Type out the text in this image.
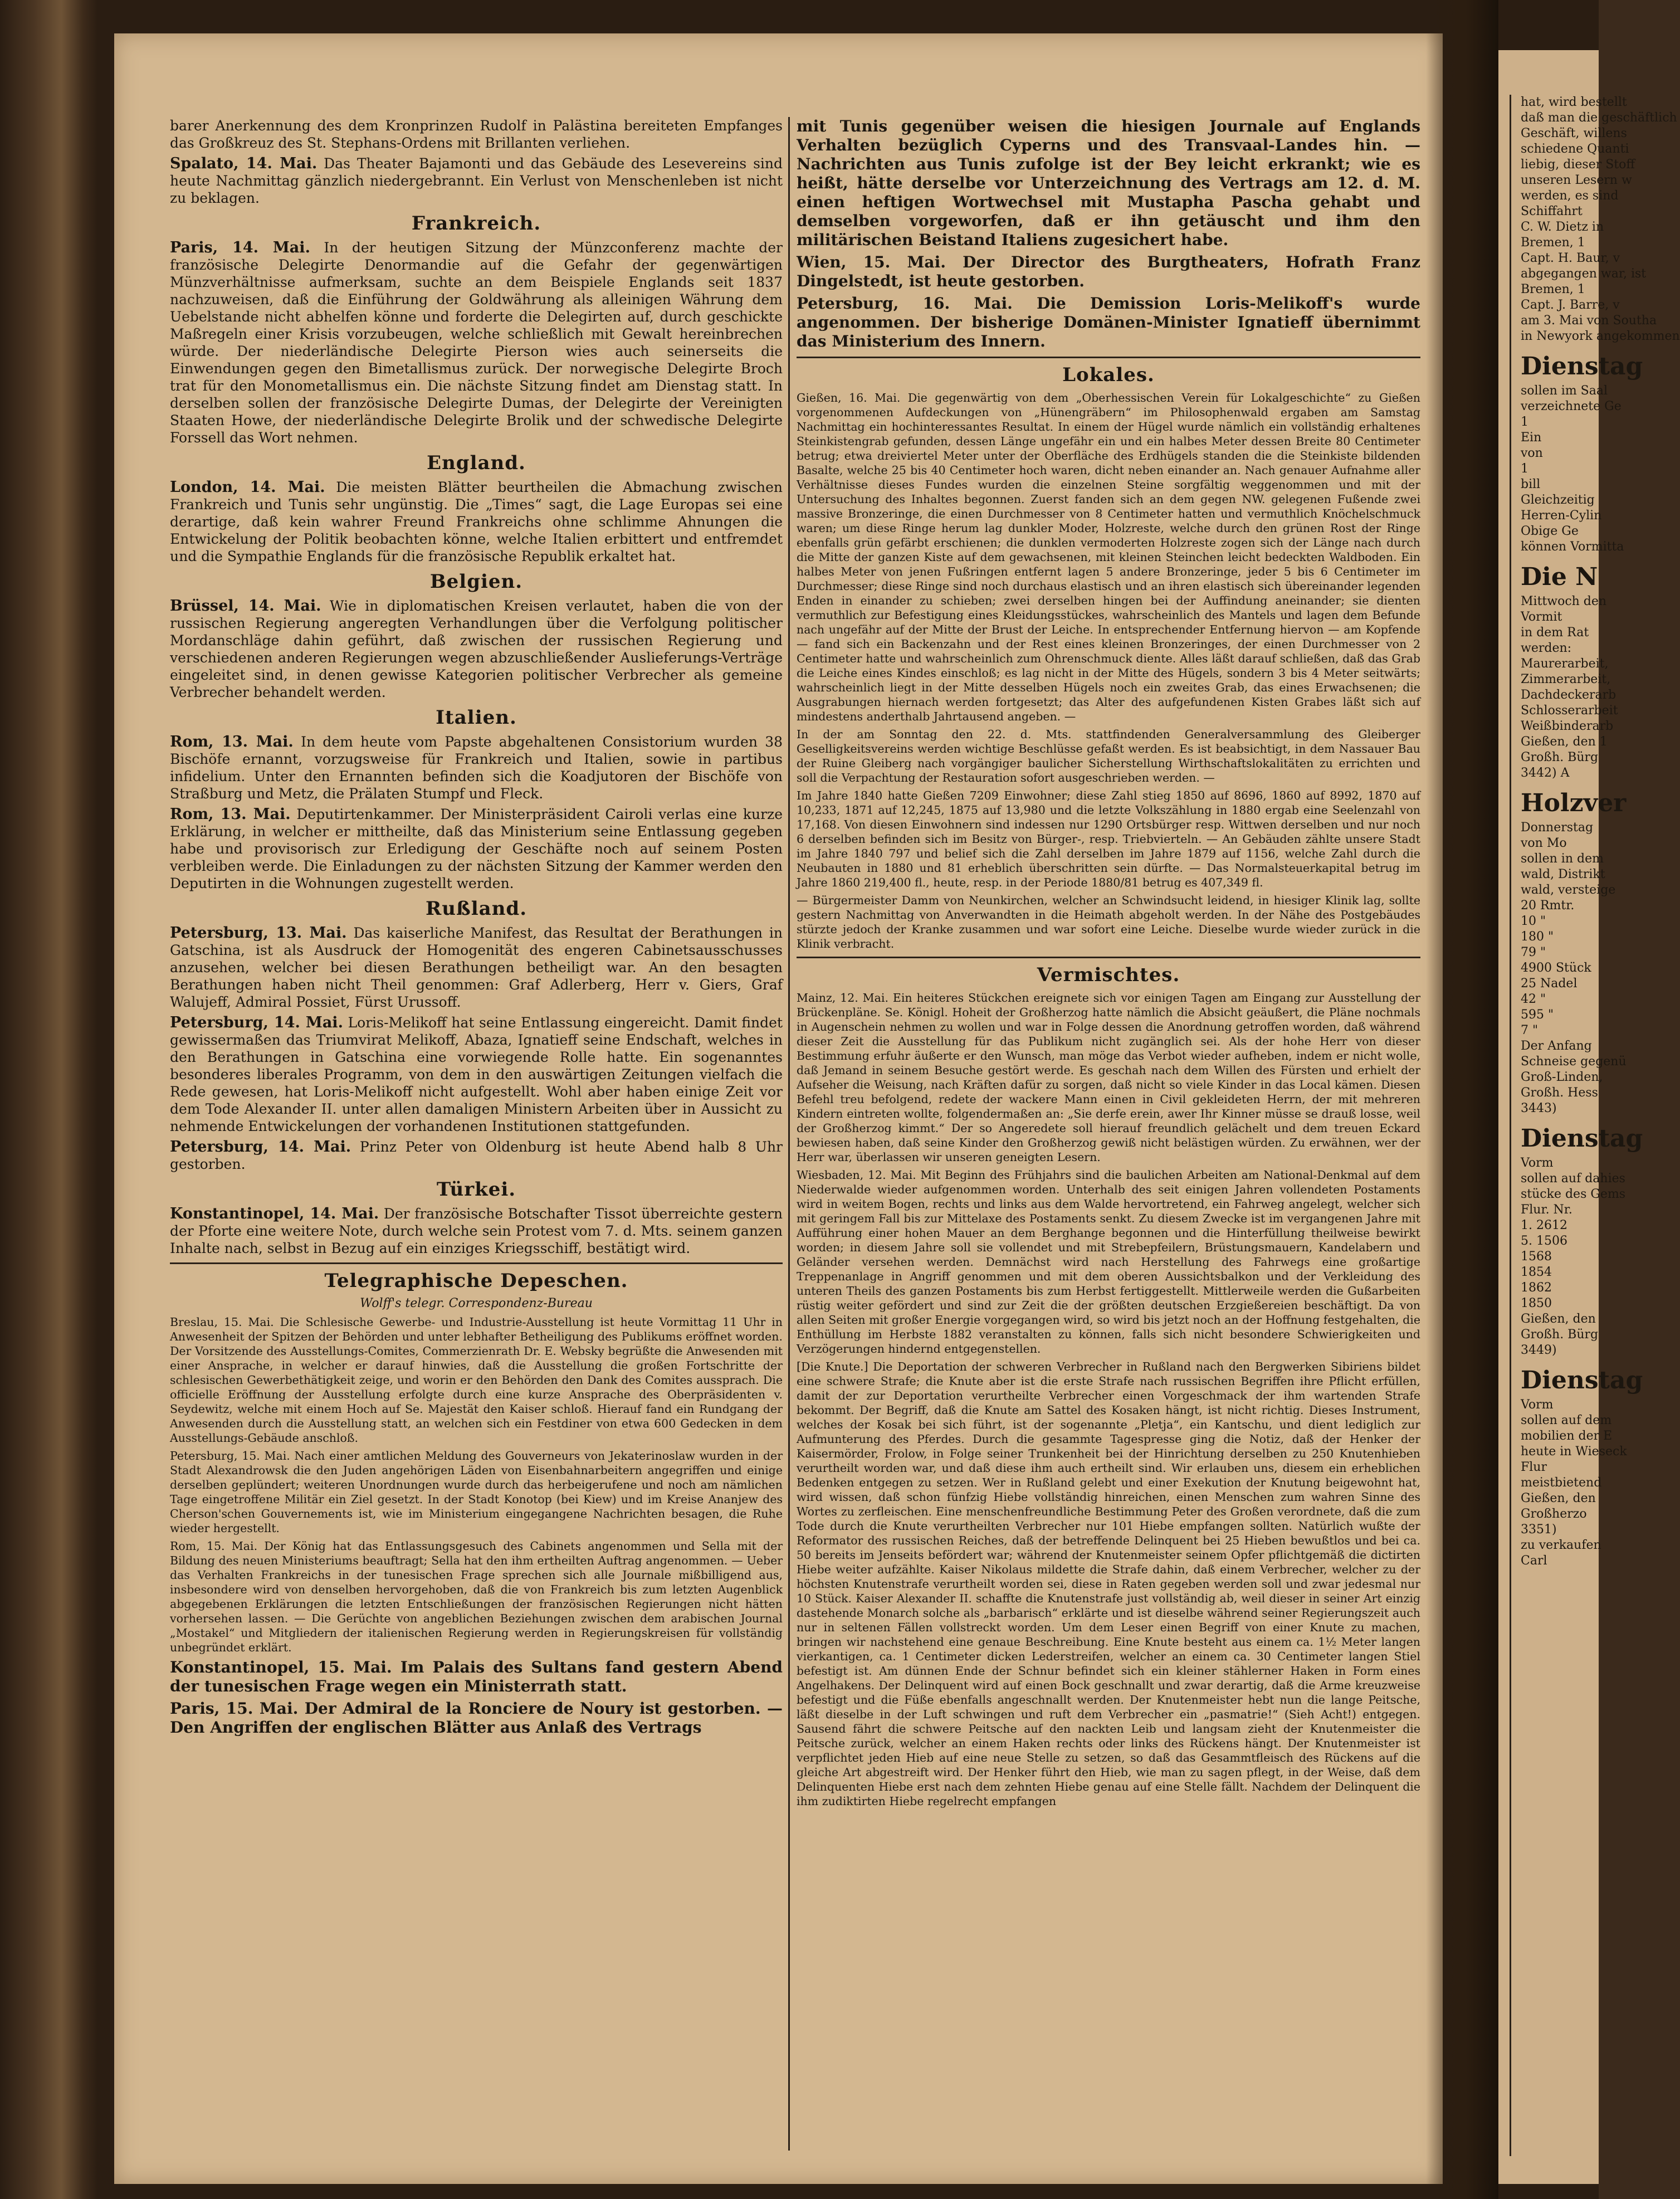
barer Anerkennung des dem Kronprinzen Rudolf in Palästina bereiteten Empfanges das Großkreuz des St. Stephans-Ordens mit Brillanten verliehen.

Spalato, 14. Mai. Das Theater Bajamonti und das Gebäude des Lesevereins sind heute Nachmittag gänzlich niedergebrannt. Ein Verlust von Menschenleben ist nicht zu beklagen.

Frankreich.

Paris, 14. Mai. In der heutigen Sitzung der Münzconferenz machte der französische Delegirte Denormandie auf die Gefahr der gegenwärtigen Münzverhältnisse aufmerksam, suchte an dem Beispiele Englands seit 1837 nachzuweisen, daß die Einführung der Goldwährung als alleinigen Währung dem Uebelstande nicht abhelfen könne und forderte die Delegirten auf, durch geschickte Maßregeln einer Krisis vorzubeugen, welche schließlich mit Gewalt hereinbrechen würde. Der niederländische Delegirte Pierson wies auch seinerseits die Einwendungen gegen den Bimetallismus zurück. Der norwegische Delegirte Broch trat für den Monometallismus ein. Die nächste Sitzung findet am Dienstag statt. In derselben sollen der französische Delegirte Dumas, der Delegirte der Vereinigten Staaten Howe, der niederländische Delegirte Brolik und der schwedische Delegirte Forssell das Wort nehmen.

England.

London, 14. Mai. Die meisten Blätter beurtheilen die Abmachung zwischen Frankreich und Tunis sehr ungünstig. Die „Times“ sagt, die Lage Europas sei eine derartige, daß kein wahrer Freund Frankreichs ohne schlimme Ahnungen die Entwickelung der Politik beobachten könne, welche Italien erbittert und entfremdet und die Sympathie Englands für die französische Republik erkaltet hat.

Belgien.

Brüssel, 14. Mai. Wie in diplomatischen Kreisen verlautet, haben die von der russischen Regierung angeregten Verhandlungen über die Verfolgung politischer Mordanschläge dahin geführt, daß zwischen der russischen Regierung und verschiedenen anderen Regierungen wegen abzuschließender Auslieferungs-Verträge eingeleitet sind, in denen gewisse Kategorien politischer Verbrecher als gemeine Verbrecher behandelt werden.

Italien.

Rom, 13. Mai. In dem heute vom Papste abgehaltenen Consistorium wurden 38 Bischöfe ernannt, vorzugsweise für Frankreich und Italien, sowie in partibus infidelium. Unter den Ernannten befinden sich die Koadjutoren der Bischöfe von Straßburg und Metz, die Prälaten Stumpf und Fleck.

Rom, 13. Mai. Deputirtenkammer. Der Ministerpräsident Cairoli verlas eine kurze Erklärung, in welcher er mittheilte, daß das Ministerium seine Entlassung gegeben habe und provisorisch zur Erledigung der Geschäfte noch auf seinem Posten verbleiben werde. Die Einladungen zu der nächsten Sitzung der Kammer werden den Deputirten in die Wohnungen zugestellt werden.

Rußland.

Petersburg, 13. Mai. Das kaiserliche Manifest, das Resultat der Berathungen in Gatschina, ist als Ausdruck der Homogenität des engeren Cabinetsausschusses anzusehen, welcher bei diesen Berathungen betheiligt war. An den besagten Berathungen haben nicht Theil genommen: Graf Adlerberg, Herr v. Giers, Graf Walujeff, Admiral Possiet, Fürst Urussoff.

Petersburg, 14. Mai. Loris-Melikoff hat seine Entlassung eingereicht. Damit findet gewissermaßen das Triumvirat Melikoff, Abaza, Ignatieff seine Endschaft, welches in den Berathungen in Gatschina eine vorwiegende Rolle hatte. Ein sogenanntes besonderes liberales Programm, von dem in den auswärtigen Zeitungen vielfach die Rede gewesen, hat Loris-Melikoff nicht aufgestellt. Wohl aber haben einige Zeit vor dem Tode Alexander II. unter allen damaligen Ministern Arbeiten über in Aussicht zu nehmende Entwickelungen der vorhandenen Institutionen stattgefunden.

Petersburg, 14. Mai. Prinz Peter von Oldenburg ist heute Abend halb 8 Uhr gestorben.

Türkei.

Konstantinopel, 14. Mai. Der französische Botschafter Tissot überreichte gestern der Pforte eine weitere Note, durch welche sein Protest vom 7. d. Mts. seinem ganzen Inhalte nach, selbst in Bezug auf ein einziges Kriegsschiff, bestätigt wird.

Telegraphische Depeschen.
Wolff's telegr. Correspondenz-Bureau

Breslau, 15. Mai. Die Schlesische Gewerbe- und Industrie-Ausstellung ist heute Vormittag 11 Uhr in Anwesenheit der Spitzen der Behörden und unter lebhafter Betheiligung des Publikums eröffnet worden. Der Vorsitzende des Ausstellungs-Comites, Commerzienrath Dr. E. Websky begrüßte die Anwesenden mit einer Ansprache, in welcher er darauf hinwies, daß die Ausstellung die großen Fortschritte der schlesischen Gewerbethätigkeit zeige, und worin er den Behörden den Dank des Comites aussprach. Die officielle Eröffnung der Ausstellung erfolgte durch eine kurze Ansprache des Oberpräsidenten v. Seydewitz, welche mit einem Hoch auf Se. Majestät den Kaiser schloß. Hierauf fand ein Rundgang der Anwesenden durch die Ausstellung statt, an welchen sich ein Festdiner von etwa 600 Gedecken in dem Ausstellungs-Gebäude anschloß.

Petersburg, 15. Mai. Nach einer amtlichen Meldung des Gouverneurs von Jekaterinoslaw wurden in der Stadt Alexandrowsk die den Juden angehörigen Läden von Eisenbahnarbeitern angegriffen und einige derselben geplündert; weiteren Unordnungen wurde durch das herbeigerufene und noch am nämlichen Tage eingetroffene Militär ein Ziel gesetzt. In der Stadt Konotop (bei Kiew) und im Kreise Ananjew des Cherson'schen Gouvernements ist, wie im Ministerium eingegangene Nachrichten besagen, die Ruhe wieder hergestellt.

Rom, 15. Mai. Der König hat das Entlassungsgesuch des Cabinets angenommen und Sella mit der Bildung des neuen Ministeriums beauftragt; Sella hat den ihm ertheilten Auftrag angenommen. — Ueber das Verhalten Frankreichs in der tunesischen Frage sprechen sich alle Journale mißbilligend aus, insbesondere wird von denselben hervorgehoben, daß die von Frankreich bis zum letzten Augenblick abgegebenen Erklärungen die letzten Entschließungen der französischen Regierungen nicht hätten vorhersehen lassen. — Die Gerüchte von angeblichen Beziehungen zwischen dem arabischen Journal „Mostakel“ und Mitgliedern der italienischen Regierung werden in Regierungskreisen für vollständig unbegründet erklärt.

Konstantinopel, 15. Mai. Im Palais des Sultans fand gestern Abend der tunesischen Frage wegen ein Ministerrath statt.

Paris, 15. Mai. Der Admiral de la Ronciere de Noury ist gestorben. — Den Angriffen der englischen Blätter aus Anlaß des Vertrags

mit Tunis gegenüber weisen die hiesigen Journale auf Englands Verhalten bezüglich Cyperns und des Transvaal-Landes hin. — Nachrichten aus Tunis zufolge ist der Bey leicht erkrankt; wie es heißt, hätte derselbe vor Unterzeichnung des Vertrags am 12. d. M. einen heftigen Wortwechsel mit Mustapha Pascha gehabt und demselben vorgeworfen, daß er ihn getäuscht und ihm den militärischen Beistand Italiens zugesichert habe.

Wien, 15. Mai. Der Director des Burgtheaters, Hofrath Franz Dingelstedt, ist heute gestorben.

Petersburg, 16. Mai. Die Demission Loris-Melikoff's wurde angenommen. Der bisherige Domänen-Minister Ignatieff übernimmt das Ministerium des Innern.

Lokales.

Gießen, 16. Mai. Die gegenwärtig von dem „Oberhessischen Verein für Lokalgeschichte“ zu Gießen vorgenommenen Aufdeckungen von „Hünengräbern“ im Philosophenwald ergaben am Samstag Nachmittag ein hochinteressantes Resultat. In einem der Hügel wurde nämlich ein vollständig erhaltenes Steinkistengrab gefunden, dessen Länge ungefähr ein und ein halbes Meter dessen Breite 80 Centimeter betrug; etwa dreiviertel Meter unter der Oberfläche des Erdhügels standen die die Steinkiste bildenden Basalte, welche 25 bis 40 Centimeter hoch waren, dicht neben einander an. Nach genauer Aufnahme aller Verhältnisse dieses Fundes wurden die einzelnen Steine sorgfältig weggenommen und mit der Untersuchung des Inhaltes begonnen. Zuerst fanden sich an dem gegen NW. gelegenen Fußende zwei massive Bronzeringe, die einen Durchmesser von 8 Centimeter hatten und vermuthlich Knöchelschmuck waren; um diese Ringe herum lag dunkler Moder, Holzreste, welche durch den grünen Rost der Ringe ebenfalls grün gefärbt erschienen; die dunklen vermoderten Holzreste zogen sich der Länge nach durch die Mitte der ganzen Kiste auf dem gewachsenen, mit kleinen Steinchen leicht bedeckten Waldboden. Ein halbes Meter von jenen Fußringen entfernt lagen 5 andere Bronzeringe, jeder 5 bis 6 Centimeter im Durchmesser; diese Ringe sind noch durchaus elastisch und an ihren elastisch sich übereinander legenden Enden in einander zu schieben; zwei derselben hingen bei der Auffindung aneinander; sie dienten vermuthlich zur Befestigung eines Kleidungsstückes, wahrscheinlich des Mantels und lagen dem Befunde nach ungefähr auf der Mitte der Brust der Leiche. In entsprechender Entfernung hiervon — am Kopfende — fand sich ein Backenzahn und der Rest eines kleinen Bronzeringes, der einen Durchmesser von 2 Centimeter hatte und wahrscheinlich zum Ohrenschmuck diente. Alles läßt darauf schließen, daß das Grab die Leiche eines Kindes einschloß; es lag nicht in der Mitte des Hügels, sondern 3 bis 4 Meter seitwärts; wahrscheinlich liegt in der Mitte desselben Hügels noch ein zweites Grab, das eines Erwachsenen; die Ausgrabungen hiernach werden fortgesetzt; das Alter des aufgefundenen Kisten Grabes läßt sich auf mindestens anderthalb Jahrtausend angeben. —

In der am Sonntag den 22. d. Mts. stattfindenden Generalversammlung des Gleiberger Geselligkeitsvereins werden wichtige Beschlüsse gefaßt werden. Es ist beabsichtigt, in dem Nassauer Bau der Ruine Gleiberg nach vorgängiger baulicher Sicherstellung Wirthschaftslokalitäten zu errichten und soll die Verpachtung der Restauration sofort ausgeschrieben werden. —

Im Jahre 1840 hatte Gießen 7209 Einwohner; diese Zahl stieg 1850 auf 8696, 1860 auf 8992, 1870 auf 10,233, 1871 auf 12,245, 1875 auf 13,980 und die letzte Volkszählung in 1880 ergab eine Seelenzahl von 17,168. Von diesen Einwohnern sind indessen nur 1290 Ortsbürger resp. Wittwen derselben und nur noch 6 derselben befinden sich im Besitz von Bürger-, resp. Triebvierteln. — An Gebäuden zählte unsere Stadt im Jahre 1840 797 und belief sich die Zahl derselben im Jahre 1879 auf 1156, welche Zahl durch die Neubauten in 1880 und 81 erheblich überschritten sein dürfte. — Das Normalsteuerkapital betrug im Jahre 1860 219,400 fl., heute, resp. in der Periode 1880/81 betrug es 407,349 fl.

— Bürgermeister Damm von Neunkirchen, welcher an Schwindsucht leidend, in hiesiger Klinik lag, sollte gestern Nachmittag von Anverwandten in die Heimath abgeholt werden. In der Nähe des Postgebäudes stürzte jedoch der Kranke zusammen und war sofort eine Leiche. Dieselbe wurde wieder zurück in die Klinik verbracht.

Vermischtes.

Mainz, 12. Mai. Ein heiteres Stückchen ereignete sich vor einigen Tagen am Eingang zur Ausstellung der Brückenpläne. Se. Königl. Hoheit der Großherzog hatte nämlich die Absicht geäußert, die Pläne nochmals in Augenschein nehmen zu wollen und war in Folge dessen die Anordnung getroffen worden, daß während dieser Zeit die Ausstellung für das Publikum nicht zugänglich sei. Als der hohe Herr von dieser Bestimmung erfuhr äußerte er den Wunsch, man möge das Verbot wieder aufheben, indem er nicht wolle, daß Jemand in seinem Besuche gestört werde. Es geschah nach dem Willen des Fürsten und erhielt der Aufseher die Weisung, nach Kräften dafür zu sorgen, daß nicht so viele Kinder in das Local kämen. Diesen Befehl treu befolgend, redete der wackere Mann einen in Civil gekleideten Herrn, der mit mehreren Kindern eintreten wollte, folgendermaßen an: „Sie derfe erein, awer Ihr Kinner müsse se drauß losse, weil der Großherzog kimmt.“ Der so Angeredete soll hierauf freundlich gelächelt und dem treuen Eckard bewiesen haben, daß seine Kinder den Großherzog gewiß nicht belästigen würden. Zu erwähnen, wer der Herr war, überlassen wir unseren geneigten Lesern.

Wiesbaden, 12. Mai. Mit Beginn des Frühjahrs sind die baulichen Arbeiten am National-Denkmal auf dem Niederwalde wieder aufgenommen worden. Unterhalb des seit einigen Jahren vollendeten Postaments wird in weitem Bogen, rechts und links aus dem Walde hervortretend, ein Fahrweg angelegt, welcher sich mit geringem Fall bis zur Mittelaxe des Postaments senkt. Zu diesem Zwecke ist im vergangenen Jahre mit Aufführung einer hohen Mauer an dem Berghange begonnen und die Hinterfüllung theilweise bewirkt worden; in diesem Jahre soll sie vollendet und mit Strebepfeilern, Brüstungsmauern, Kandelabern und Geländer versehen werden. Demnächst wird nach Herstellung des Fahrwegs eine großartige Treppenanlage in Angriff genommen und mit dem oberen Aussichtsbalkon und der Verkleidung des unteren Theils des ganzen Postaments bis zum Herbst fertiggestellt. Mittlerweile werden die Gußarbeiten rüstig weiter gefördert und sind zur Zeit die der größten deutschen Erzgießereien beschäftigt. Da von allen Seiten mit großer Energie vorgegangen wird, so wird bis jetzt noch an der Hoffnung festgehalten, die Enthüllung im Herbste 1882 veranstalten zu können, falls sich nicht besondere Schwierigkeiten und Verzögerungen hindernd entgegenstellen.

[Die Knute.] Die Deportation der schweren Verbrecher in Rußland nach den Bergwerken Sibiriens bildet eine schwere Strafe; die Knute aber ist die erste Strafe nach russischen Begriffen ihre Pflicht erfüllen, damit der zur Deportation verurtheilte Verbrecher einen Vorgeschmack der ihm wartenden Strafe bekommt. Der Begriff, daß die Knute am Sattel des Kosaken hängt, ist nicht richtig. Dieses Instrument, welches der Kosak bei sich führt, ist der sogenannte „Pletja“, ein Kantschu, und dient lediglich zur Aufmunterung des Pferdes. Durch die gesammte Tagespresse ging die Notiz, daß der Henker der Kaisermörder, Frolow, in Folge seiner Trunkenheit bei der Hinrichtung derselben zu 250 Knutenhieben verurtheilt worden war, und daß diese ihm auch ertheilt sind. Wir erlauben uns, diesem ein erheblichen Bedenken entgegen zu setzen. Wer in Rußland gelebt und einer Exekution der Knutung beigewohnt hat, wird wissen, daß schon fünfzig Hiebe vollständig hinreichen, einen Menschen zum wahren Sinne des Wortes zu zerfleischen. Eine menschenfreundliche Bestimmung Peter des Großen verordnete, daß die zum Tode durch die Knute verurtheilten Verbrecher nur 101 Hiebe empfangen sollten. Natürlich wußte der Reformator des russischen Reiches, daß der betreffende Delinquent bei 25 Hieben bewußtlos und bei ca. 50 bereits im Jenseits befördert war; während der Knutenmeister seinem Opfer pflichtgemäß die dictirten Hiebe weiter aufzählte. Kaiser Nikolaus mildette die Strafe dahin, daß einem Verbrecher, welcher zu der höchsten Knutenstrafe verurtheilt worden sei, diese in Raten gegeben werden soll und zwar jedesmal nur 10 Stück. Kaiser Alexander II. schaffte die Knutenstrafe just vollständig ab, weil dieser in seiner Art einzig dastehende Monarch solche als „barbarisch“ erklärte und ist dieselbe während seiner Regierungszeit auch nur in seltenen Fällen vollstreckt worden. Um dem Leser einen Begriff von einer Knute zu machen, bringen wir nachstehend eine genaue Beschreibung. Eine Knute besteht aus einem ca. 1½ Meter langen vierkantigen, ca. 1 Centimeter dicken Lederstreifen, welcher an einem ca. 30 Centimeter langen Stiel befestigt ist. Am dünnen Ende der Schnur befindet sich ein kleiner stählerner Haken in Form eines Angelhakens. Der Delinquent wird auf einen Bock geschnallt und zwar derartig, daß die Arme kreuzweise befestigt und die Füße ebenfalls angeschnallt werden. Der Knutenmeister hebt nun die lange Peitsche, läßt dieselbe in der Luft schwingen und ruft dem Verbrecher ein „pasmatrie!“ (Sieh Acht!) entgegen. Sausend fährt die schwere Peitsche auf den nackten Leib und langsam zieht der Knutenmeister die Peitsche zurück, welcher an einem Haken rechts oder links des Rückens hängt. Der Knutenmeister ist verpflichtet jeden Hieb auf eine neue Stelle zu setzen, so daß das Gesammtfleisch des Rückens auf die gleiche Art abgestreift wird. Der Henker führt den Hieb, wie man zu sagen pflegt, in der Weise, daß dem Delinquenten Hiebe erst nach dem zehnten Hiebe genau auf eine Stelle fällt. Nachdem der Delinquent die ihm zudiktirten Hiebe regelrecht empfangen

hat, wird bestellt
daß man die geschäftlich
Geschäft, willens
schiedene Quanti
liebig, dieser Stoff
unseren Lesern w
werden, es sind
Schiffahrt
C. W. Dietz in
Bremen, 1
Capt. H. Baur, v
abgegangen war, ist
Bremen, 1
Capt. J. Barre, v
am 3. Mai von Southa
in Newyork angekommen
Dienstag
sollen im Saal
verzeichnete Ge
1
Ein
von
1
bill
Gleichzeitig
Herren-Cylin
Obige Ge
können Vormitta
Die N
Mittwoch den
Vormit
in dem Rat
werden:
Maurerarbeit,
Zimmerarbeit,
Dachdeckerarb
Schlosserarbeit
Weißbinderarb
Gießen, den 1
Großh. Bürg
3442) A
Holzver
Donnerstag
von Mo
sollen in dem
wald, Distrikt
wald, versteige
20 Rmtr.
10 "
180 "
79 "
4900 Stück
25 Nadel
42 "
595 "
7 "
Der Anfang
Schneise gegenü
Groß-Linden,
Großh. Hess
3443)
Dienstag
Vorm
sollen auf dahies
stücke des Gems
Flur. Nr.
1. 2612
5. 1506
1568
1854
1862
1850
Gießen, den
Großh. Bürg
3449)
Dienstag
Vorm
sollen auf dem
mobilien der E
heute in Wieseck
Flur
meistbietend
Gießen, den
Großherzo
3351)
zu verkaufen
Carl
